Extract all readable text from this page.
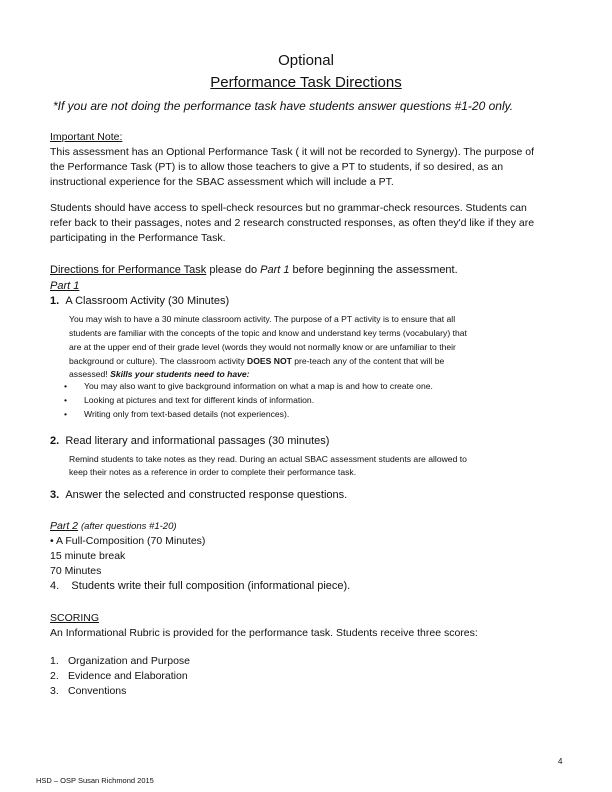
Optional
Performance Task Directions
*If you are not doing the performance task have students answer questions #1-20 only.
Important Note:
This assessment has an Optional Performance Task ( it will not be recorded to Synergy). The purpose of the Performance Task (PT) is to allow those teachers to give a PT to students, if so desired, as an instructional experience for the SBAC assessment which will include a PT.
Students should have access to spell-check resources but no grammar-check resources. Students can refer back to their passages, notes and 2 research constructed responses, as often they'd like if they are participating in the Performance Task.
Directions for Performance Task please do Part 1 before beginning the assessment.
Part 1
1. A Classroom Activity (30 Minutes)
You may wish to have a 30 minute classroom activity. The purpose of a PT activity is to ensure that all
students are familiar with the concepts of the topic and know and understand key terms (vocabulary) that
are at the upper end of their grade level (words they would not normally know or are unfamiliar to their
background or culture). The classroom activity DOES NOT pre-teach any of the content that will be
assessed! Skills your students need to have:
• You may also want to give background information on what a map is and how to create one.
• Looking at pictures and text for different kinds of information.
• Writing only from text-based details (not experiences).
2. Read literary and informational passages (30 minutes)
Remind students to take notes as they read. During an actual SBAC assessment students are allowed to
keep their notes as a reference in order to complete their performance task.
3. Answer the selected and constructed response questions.
Part 2 (after questions #1-20)
• A Full-Composition (70 Minutes)
15 minute break
70 Minutes
4. Students write their full composition (informational piece).
SCORING
An Informational Rubric is provided for the performance task. Students receive three scores:
1. Organization and Purpose
2. Evidence and Elaboration
3. Conventions
4
HSD – OSP Susan Richmond 2015
